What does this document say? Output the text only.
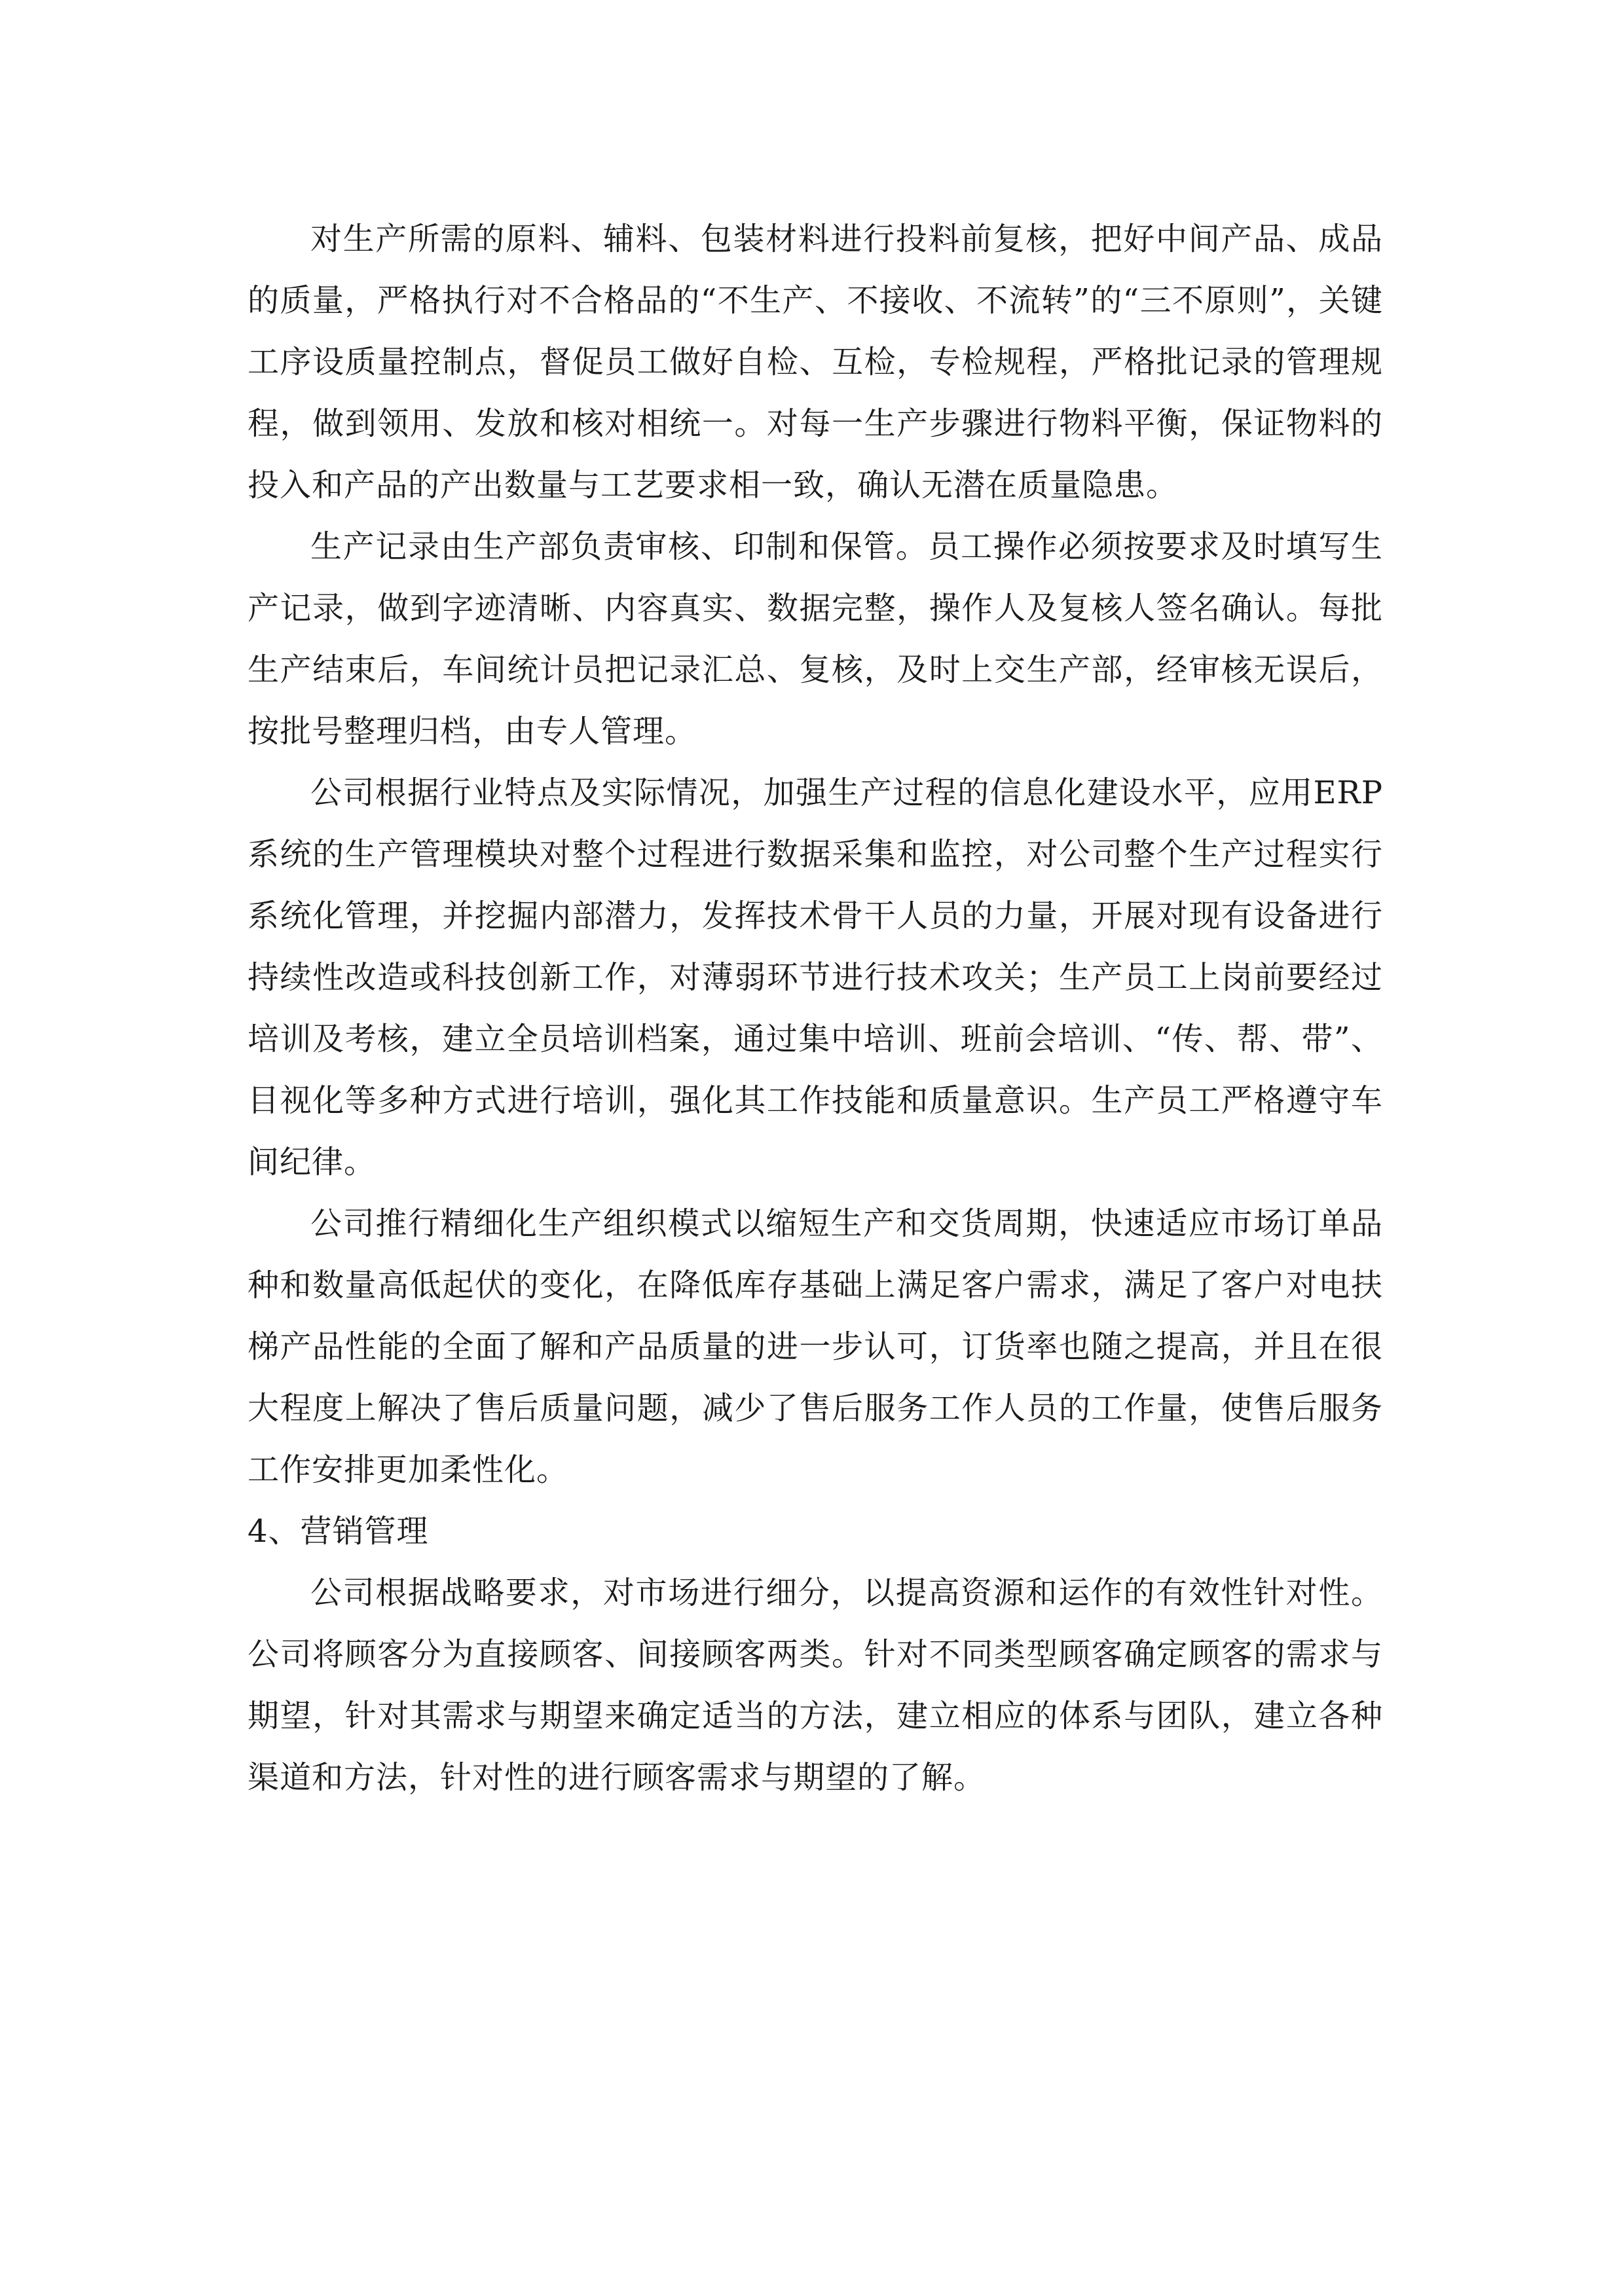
对生产所需的原料、辅料、包装材料进行投料前复核，把好中间产品、成品的质量，严格执行对不合格品的“不生产、不接收、不流转”的“三不原则”，关键工序设质量控制点，督促员工做好自检、互检，专检规程，严格批记录的管理规程，做到领用、发放和核对相统一。对每一生产步骤进行物料平衡，保证物料的投入和产品的产出数量与工艺要求相一致，确认无潜在质量隐患。

生产记录由生产部负责审核、印制和保管。员工操作必须按要求及时填写生产记录，做到字迹清晰、内容真实、数据完整，操作人及复核人签名确认。每批生产结束后，车间统计员把记录汇总、复核，及时上交生产部，经审核无误后，按批号整理归档，由专人管理。

公司根据行业特点及实际情况，加强生产过程的信息化建设水平，应用ERP系统的生产管理模块对整个过程进行数据采集和监控，对公司整个生产过程实行系统化管理，并挖掘内部潜力，发挥技术骨干人员的力量，开展对现有设备进行持续性改造或科技创新工作，对薄弱环节进行技术攻关；生产员工上岗前要经过培训及考核，建立全员培训档案，通过集中培训、班前会培训、“传、帮、带”、目视化等多种方式进行培训，强化其工作技能和质量意识。生产员工严格遵守车间纪律。

公司推行精细化生产组织模式以缩短生产和交货周期，快速适应市场订单品种和数量高低起伏的变化，在降低库存基础上满足客户需求，满足了客户对电扶梯产品性能的全面了解和产品质量的进一步认可，订货率也随之提高，并且在很大程度上解决了售后质量问题，减少了售后服务工作人员的工作量，使售后服务工作安排更加柔性化。

4、营销管理

公司根据战略要求，对市场进行细分，以提高资源和运作的有效性针对性。公司将顾客分为直接顾客、间接顾客两类。针对不同类型顾客确定顾客的需求与期望，针对其需求与期望来确定适当的方法，建立相应的体系与团队，建立各种渠道和方法，针对性的进行顾客需求与期望的了解。
